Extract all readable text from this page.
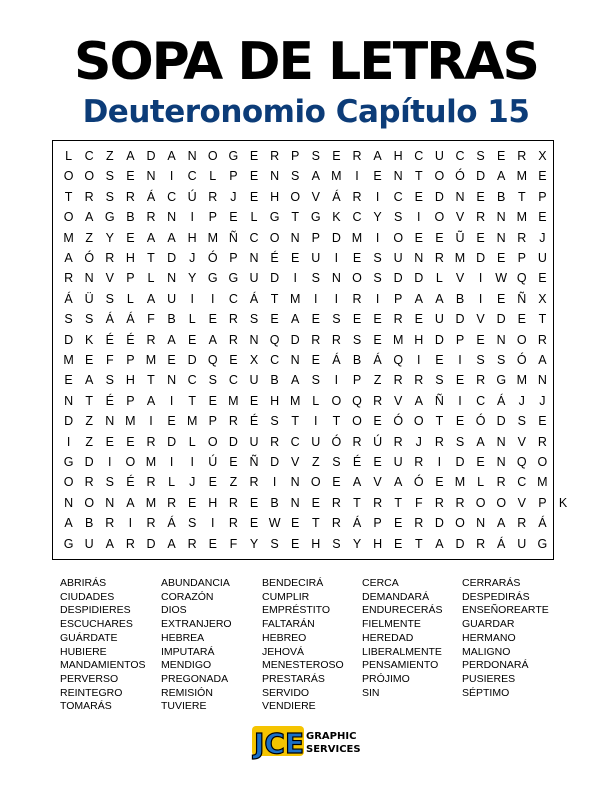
SOPA DE LETRAS
Deuteronomio Capítulo 15
L	C Z	A D A N O G E R P S E R A H C U C S E R X
O O S E N	I	C	L	P E N S A M	I	E N T O Ó D A M E
T R S R Á C Ú R	J	E H O V Á R	I	C E D N E B	T	P
O A G B R N	I	P E	L G T G K C Y S	I	O V R N M E
M Z	Y E A A H M Ñ C O N P D M	I	O E E Ũ E N R	J
A Ó R H T D	J	Ó P N É E U	I	E S U N R M D E P U
R N V P	L	N Y G G U D	I	S N O S D D	L	V	I	W Q E
Á Ü S	L	A U	I	I	C Á	T M	I	I	R	I	P A A B	I	E Ñ X
S S Á Á	F	B	L	E R S E A E S E E R E U D V D E	T
D K É É R A E A R N Q D R R S E M H D P E N O R
M E	F	P M E D Q E X C N E Á B Á Q	I	E	I	S S Ó A
E A S H T N C S C U B A S	I	P	Z R R S E R G M N
N T	É P A	I	T	E M E H M L O Q R V A Ñ	I	C Á	J	J
D Z N M	I	E M P R É S	T	I	T O E Ó O T	E Ó D S E
I	Z	E E R D	L O D U R C U Ó R Ú R	J	R S A N V R
G D	I	O M	I	I	Ú E Ñ D V	Z	S É E U R	I	D E N Q O
O R S É R	L	J	E	Z R	I	N O E A V A Ó E M L	R C M
N O N A M R E H R E B N E R T R T	F R R O O V P K
A B R	I	R Á S	I	R E W E	T R Á P E R D O N A R Á
G U A R D A R E	F	Y S E H S Y H E	T	A D R Á U G
ABRIRÁS
CIUDADES
DESPIDIERES
ESCUCHARES
GUÁRDATE
HUBIERE
MANDAMIENTOS
PERVERSO
REINTEGRO
TOMARÁS
ABUNDANCIA
CORAZÓN
DIOS
EXTRANJERO
HEBREA
IMPUTARÁ
MENDIGO
PREGONADA
REMISIÓN
TUVIERE
BENDECIRÁ
CUMPLIR
EMPRÉSTITO
FALTARÁN
HEBREO
JEHOVÁ
MENESTEROSO
PRESTARÁS
SERVIDO
VENDIERE
CERCA
DEMANDARÁ
ENDURECERÁS
FIELMENTE
HEREDAD
LIBERALMENTE
PENSAMIENTO
PRÓJIMO
SIN
CERRARÁS
DESPEDIRÁS
ENSEÑOREARTE
GUARDAR
HERMANO
MALIGNO
PERDONARÁ
PUSIERES
SÉPTIMO
JCE GRAPHIC
SERVICES
